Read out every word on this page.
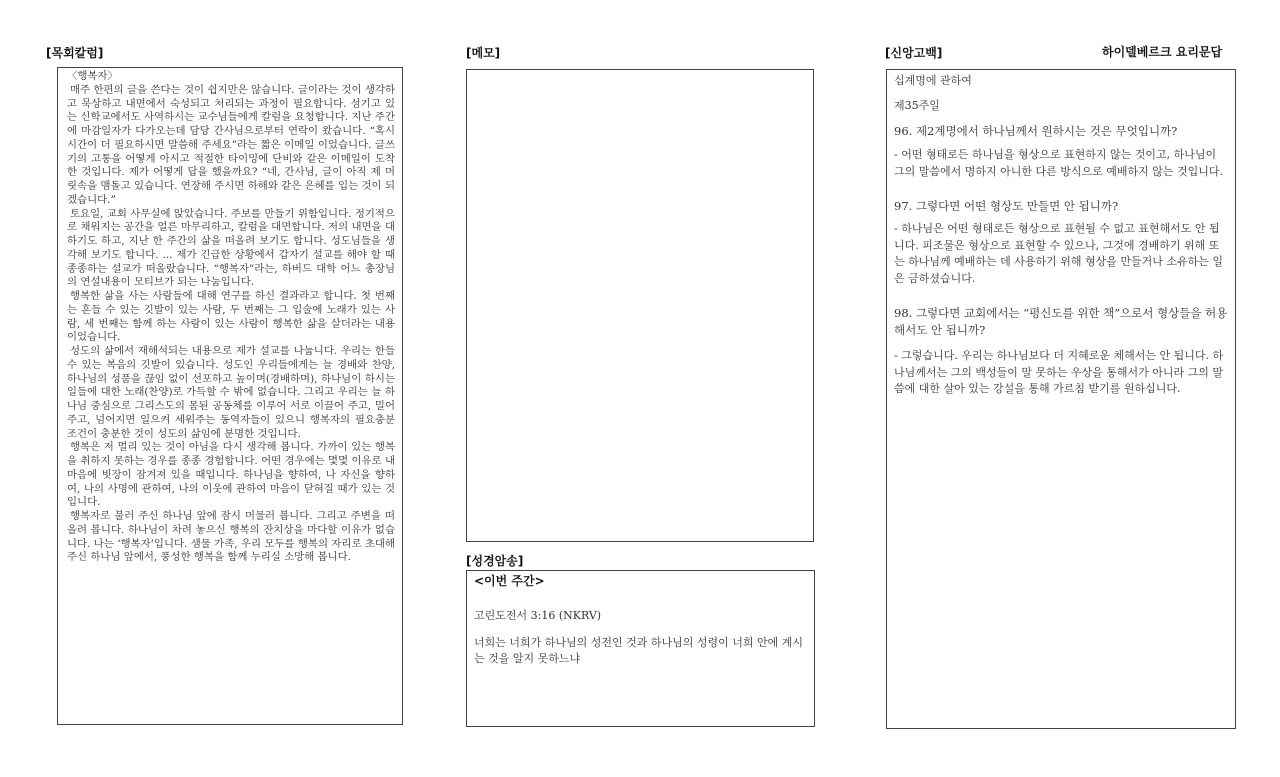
[목회칼럼]
〈행복자〉

매주 한편의 글을 쓴다는 것이 쉽지만은 않습니다. 글이라는 것이 생각하고 묵상하고 내면에서 숙성되고 처리되는 과정이 필요합니다. 섬기고 있는 신학교에서도 사역하시는 교수님들에게 칼럼을 요청합니다. 지난 주간에 마감일자가 다가오는데 담당 간사님으로부터 연락이 왔습니다. “혹시 시간이 더 필요하시면 말씀해 주세요”라는 짧은 이메일 이었습니다. 글쓰기의 고통을 어떻게 아시고 적절한 타이밍에 단비와 같은 이메일이 도착한 것입니다. 제가 어떻게 답을 했을까요? “네, 간사님, 글이 아직 제 머릿속을 맴돌고 있습니다. 연장해 주시면 하해와 같은 은혜를 입는 것이 되겠습니다.”

토요일, 교회 사무실에 앉았습니다. 주보를 만들기 위함입니다. 정기적으로 채워지는 공간을 얼른 마무리하고, 칼럼을 대면합니다. 저의 내면을 대하기도 하고, 지난 한 주간의 삶을 떠올려 보기도 합니다. 성도님들을 생각해 보기도 합니다. ... 제가 긴급한 상황에서 갑자기 설교를 해야 할 때 종종하는 설교가 떠올랐습니다. “행복자”라는, 하버드 대학 어느 총장님의 연설내용이 모티브가 되는 나눔입니다.

행복한 삶을 사는 사람들에 대해 연구를 하신 결과라고 합니다. 첫 번째는 흔들 수 있는 깃발이 있는 사람, 두 번째는 그 입술에 노래가 있는 사람, 세 번째는 함께 하는 사람이 있는 사람이 행복한 삶을 살더라는 내용이었습니다.

성도의 삶에서 재해석되는 내용으로 제가 설교를 나눕니다. 우리는 한들 수 있는 복음의 깃발이 있습니다. 성도인 우리들에게는 늘 경배와 찬양, 하나님의 성품을 끊임 없이 선포하고 높이며(경배하며), 하나님이 하시는 일들에 대한 노래(찬양)로 가득할 수 밖에 없습니다. 그리고 우리는 늘 하나님 중심으로 그리스도의 몸된 공동체를 이루어 서로 이끌어 주고, 밀어주고, 넘어지면 일으켜 세워주는 동역자들이 있으니 행복자의 필요충분 조건이 충분한 것이 성도의 삶임에 분명한 것입니다.

행복은 저 멀리 있는 것이 아님을 다시 생각해 봅니다. 가까이 있는 행복을 취하지 못하는 경우를 종종 경험합니다. 어떤 경우에는 몇몇 이유로 내 마음에 빗장이 잠겨져 있을 때입니다. 하나님을 향하여, 나 자신을 향하여, 나의 사명에 관하여, 나의 이웃에 관하여 마음이 닫혀질 때가 있는 것입니다.

행복자로 불러 주신 하나님 앞에 잠시 머물러 봅니다. 그리고 주변을 떠올려 봅니다. 하나님이 차려 놓으신 행복의 잔치상을 마다할 이유가 없습니다. 나는 ‘행복자’입니다. 샘물 가족, 우리 모두를 행복의 자리로 초대해 주신 하나님 앞에서, 풍성한 행복을 함께 누리실 소망해 봅니다.

[메모]
[성경암송]
<이번 주간>
고린도전서 3:16 (NKRV)
너희는 너희가 하나님의 성전인 것과 하나님의 성령이 너희 안에 계시는 것을 알지 못하느냐
[신앙고백]	하이델베르크 요리문답

십계명에 관하여

제35주일

96. 제2계명에서 하나님께서 원하시는 것은 무엇입니까?

- 어떤 형태로든 하나님을 형상으로 표현하지 않는 것이고, 하나님이 그의 말씀에서 명하지 아니한 다른 방식으로 예배하지 않는 것입니다.

97. 그렇다면 어떤 형상도 만들면 안 됩니까?

- 하나님은 어떤 형태로든 형상으로 표현될 수 없고 표현해서도 안 됩니다. 피조물은 형상으로 표현할 수 있으나, 그것에 경배하기 위해 또는 하나님께 예배하는 데 사용하기 위해 형상을 만들거나 소유하는 일은 금하셨습니다.

98. 그렇다면 교회에서는 “평신도를 위한 책”으로서 형상들을 허용해서도 안 됩니까?

- 그렇습니다. 우리는 하나님보다 더 지혜로운 체해서는 안 됩니다. 하나님께서는 그의 백성들이 말 못하는 우상을 통해서가 아니라 그의 말씀에 대한 살아 있는 강설을 통해 가르침 받기를 원하십니다.
